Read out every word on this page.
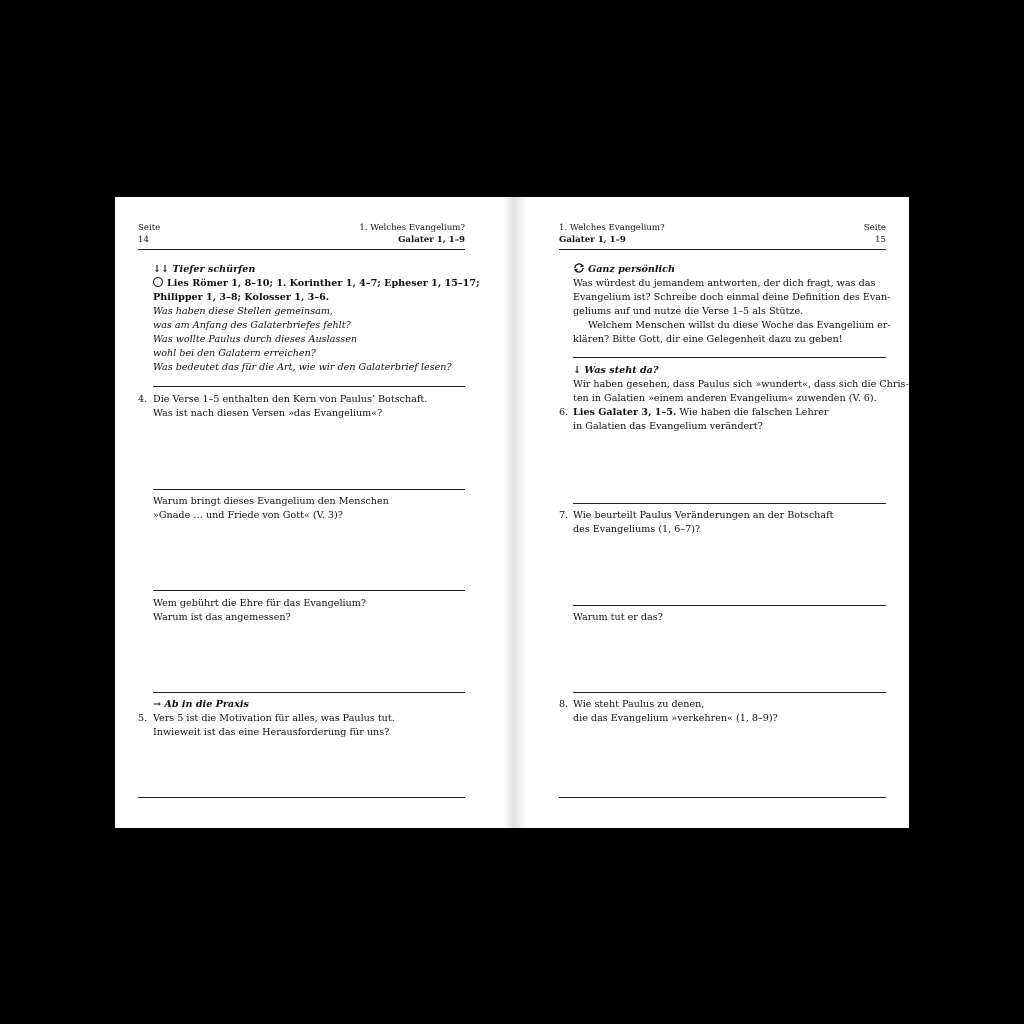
Seite
14
1. Welches Evangelium?
Galater 1, 1–9
↓↓ Tiefer schürfen
Lies Römer 1, 8–10; 1. Korinther 1, 4–7; Epheser 1, 15–17;
Philipper 1, 3–8; Kolosser 1, 3–6.
Was haben diese Stellen gemeinsam,
was am Anfang des Galaterbriefes fehlt?
Was wollte Paulus durch dieses Auslassen
wohl bei den Galatern erreichen?
Was bedeutet das für die Art, wie wir den Galaterbrief lesen?
4. Die Verse 1–5 enthalten den Kern von Paulus’ Botschaft.
Was ist nach diesen Versen »das Evangelium«?
Warum bringt dieses Evangelium den Menschen
»Gnade … und Friede von Gott« (V. 3)?
Wem gebührt die Ehre für das Evangelium?
Warum ist das angemessen?
→ Ab in die Praxis
5. Vers 5 ist die Motivation für alles, was Paulus tut.
Inwieweit ist das eine Herausforderung für uns?
1. Welches Evangelium?
Galater 1, 1–9
Seite
15
Ganz persönlich
Was würdest du jemandem antworten, der dich fragt, was das
Evangelium ist? Schreibe doch einmal deine Definition des Evan-
geliums auf und nutze die Verse 1–5 als Stütze.
Welchem Menschen willst du diese Woche das Evangelium er-
klären? Bitte Gott, dir eine Gelegenheit dazu zu geben!
↓ Was steht da?
Wir haben gesehen, dass Paulus sich »wundert«, dass sich die Chris-
ten in Galatien »einem anderen Evangelium« zuwenden (V. 6).
6. Lies Galater 3, 1–5. Wie haben die falschen Lehrer
in Galatien das Evangelium verändert?
7. Wie beurteilt Paulus Veränderungen an der Botschaft
des Evangeliums (1, 6–7)?
Warum tut er das?
8. Wie steht Paulus zu denen,
die das Evangelium »verkehren« (1, 8–9)?
